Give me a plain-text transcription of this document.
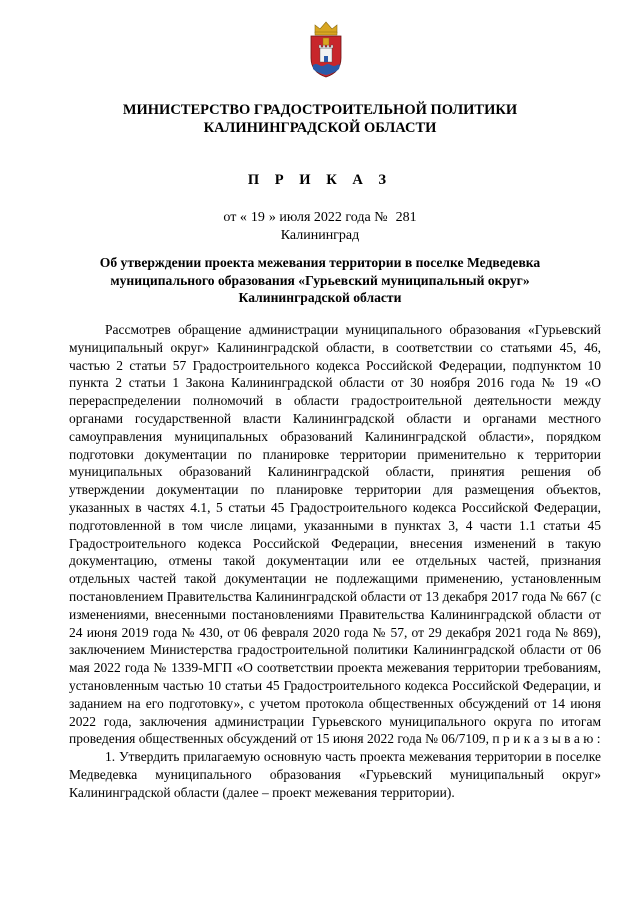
МИНИСТЕРСТВО ГРАДОСТРОИТЕЛЬНОЙ ПОЛИТИКИ
КАЛИНИНГРАДСКОЙ ОБЛАСТИ
П Р И К А З
от « 19 » июля 2022 года № 281
Калининград
Об утверждении проекта межевания территории в поселке Медведевка муниципального образования «Гурьевский муниципальный округ» Калининградской области

Рассмотрев обращение администрации муниципального образования «Гурьевский муниципальный округ» Калининградской области, в соответствии со статьями 45, 46, частью 2 статьи 57 Градостроительного кодекса Российской Федерации, подпунктом 10 пункта 2 статьи 1 Закона Калининградской области от 30 ноября 2016 года № 19 «О перераспределении полномочий в области градостроительной деятельности между органами государственной власти Калининградской области и органами местного самоуправления муниципальных образований Калининградской области», порядком подготовки документации по планировке территории применительно к территории муниципальных образований Калининградской области, принятия решения об утверждении документации по планировке территории для размещения объектов, указанных в частях 4.1, 5 статьи 45 Градостроительного кодекса Российской Федерации, подготовленной в том числе лицами, указанными в пунктах 3, 4 части 1.1 статьи 45 Градостроительного кодекса Российской Федерации, внесения изменений в такую документацию, отмены такой документации или ее отдельных частей, признания отдельных частей такой документации не подлежащими применению, установленным постановлением Правительства Калининградской области от 13 декабря 2017 года № 667 (с изменениями, внесенными постановлениями Правительства Калининградской области от 24 июня 2019 года № 430, от 06 февраля 2020 года № 57, от 29 декабря 2021 года № 869), заключением Министерства градостроительной политики Калининградской области от 06 мая 2022 года № 1339-МГП «О соответствии проекта межевания территории требованиям, установленным частью 10 статьи 45 Градостроительного кодекса Российской Федерации, и заданием на его подготовку», с учетом протокола общественных обсуждений от 14 июня 2022 года, заключения администрации Гурьевского муниципального округа по итогам проведения общественных обсуждений от 15 июня 2022 года № 06/7109, п р и к а з ы в а ю :

1. Утвердить прилагаемую основную часть проекта межевания территории в поселке Медведевка муниципального образования «Гурьевский муниципальный округ» Калининградской области (далее – проект межевания территории).
